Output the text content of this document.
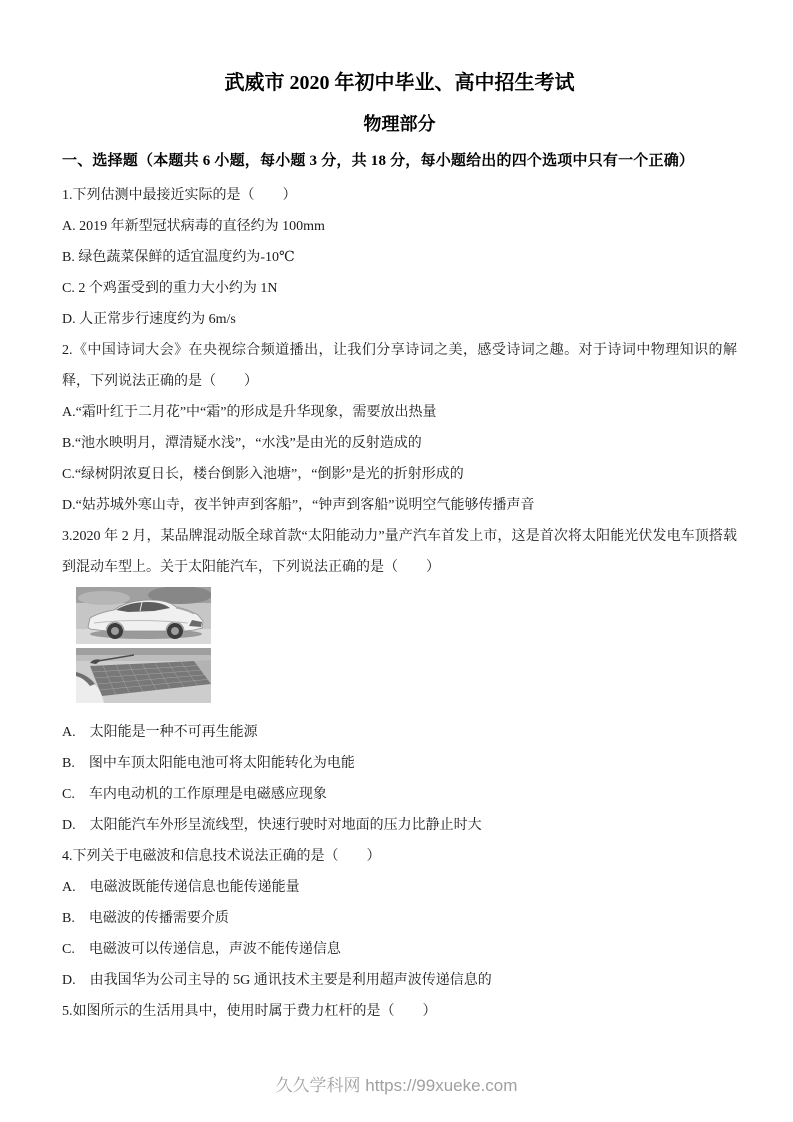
武威市 2020 年初中毕业、高中招生考试

物理部分

一、选择题（本题共 6 小题，每小题 3 分，共 18 分，每小题给出的四个选项中只有一个正确）

1.下列估测中最接近实际的是（　　）

A. 2019 年新型冠状病毒的直径约为 100mm

B. 绿色蔬菜保鲜的适宜温度约为-10℃

C. 2 个鸡蛋受到的重力大小约为 1N

D. 人正常步行速度约为 6m/s

2.《中国诗词大会》在央视综合频道播出，让我们分享诗词之美，感受诗词之趣。对于诗词中物理知识的解释，下列说法正确的是（　　）

A.“霜叶红于二月花”中“霜”的形成是升华现象，需要放出热量

B.“池水映明月，潭清疑水浅”，“水浅”是由光的反射造成的

C.“绿树阴浓夏日长，楼台倒影入池塘”，“倒影”是光的折射形成的

D.“姑苏城外寒山寺，夜半钟声到客船”，“钟声到客船”说明空气能够传播声音

3.2020 年 2 月，某品牌混动版全球首款“太阳能动力”量产汽车首发上市，这是首次将太阳能光伏发电车顶搭载到混动车型上。关于太阳能汽车，下列说法正确的是（　　）

A.　太阳能是一种不可再生能源

B.　图中车顶太阳能电池可将太阳能转化为电能

C.　车内电动机的工作原理是电磁感应现象

D.　太阳能汽车外形呈流线型，快速行驶时对地面的压力比静止时大

4.下列关于电磁波和信息技术说法正确的是（　　）

A.　电磁波既能传递信息也能传递能量

B.　电磁波的传播需要介质

C.　电磁波可以传递信息，声波不能传递信息

D.　由我国华为公司主导的 5G 通讯技术主要是利用超声波传递信息的

5.如图所示的生活用具中，使用时属于费力杠杆的是（　　）

久久学科网 https://99xueke.com
